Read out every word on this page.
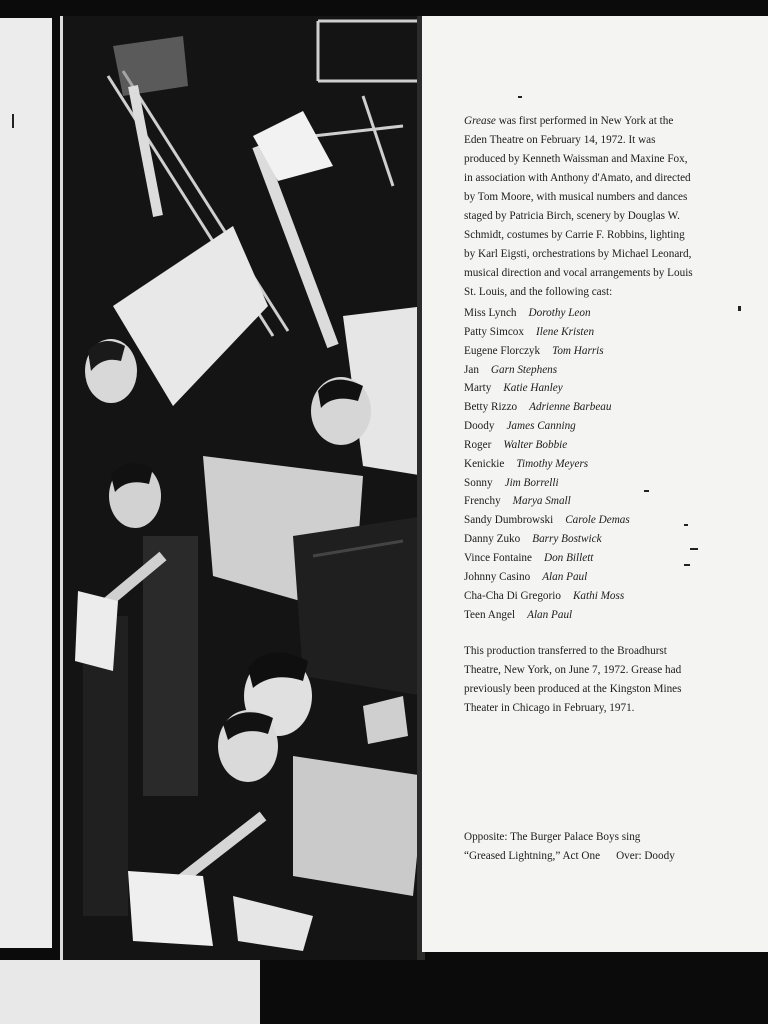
Grease was first performed in New York at the Eden Theatre on February 14, 1972. It was produced by Kenneth Waissman and Maxine Fox, in association with Anthony d'Amato, and directed by Tom Moore, with musical numbers and dances staged by Patricia Birch, scenery by Douglas W. Schmidt, costumes by Carrie F. Robbins, lighting by Karl Eigsti, orchestrations by Michael Leonard, musical direction and vocal arrangements by Louis St. Louis, and the following cast:

Miss Lynch Dorothy Leon
Patty Simcox Ilene Kristen
Eugene Florczyk Tom Harris
Jan Garn Stephens
Marty Katie Hanley
Betty Rizzo Adrienne Barbeau
Doody James Canning
Roger Walter Bobbie
Kenickie Timothy Meyers
Sonny Jim Borrelli
Frenchy Marya Small
Sandy Dumbrowski Carole Demas
Danny Zuko Barry Bostwick
Vince Fontaine Don Billett
Johnny Casino Alan Paul
Cha-Cha Di Gregorio Kathi Moss
Teen Angel Alan Paul

This production transferred to the Broadhurst Theatre, New York, on June 7, 1972. Grease had previously been produced at the Kingston Mines Theater in Chicago in February, 1971.

Opposite: The Burger Palace Boys sing
“Greased Lightning,” Act One Over: Doody
